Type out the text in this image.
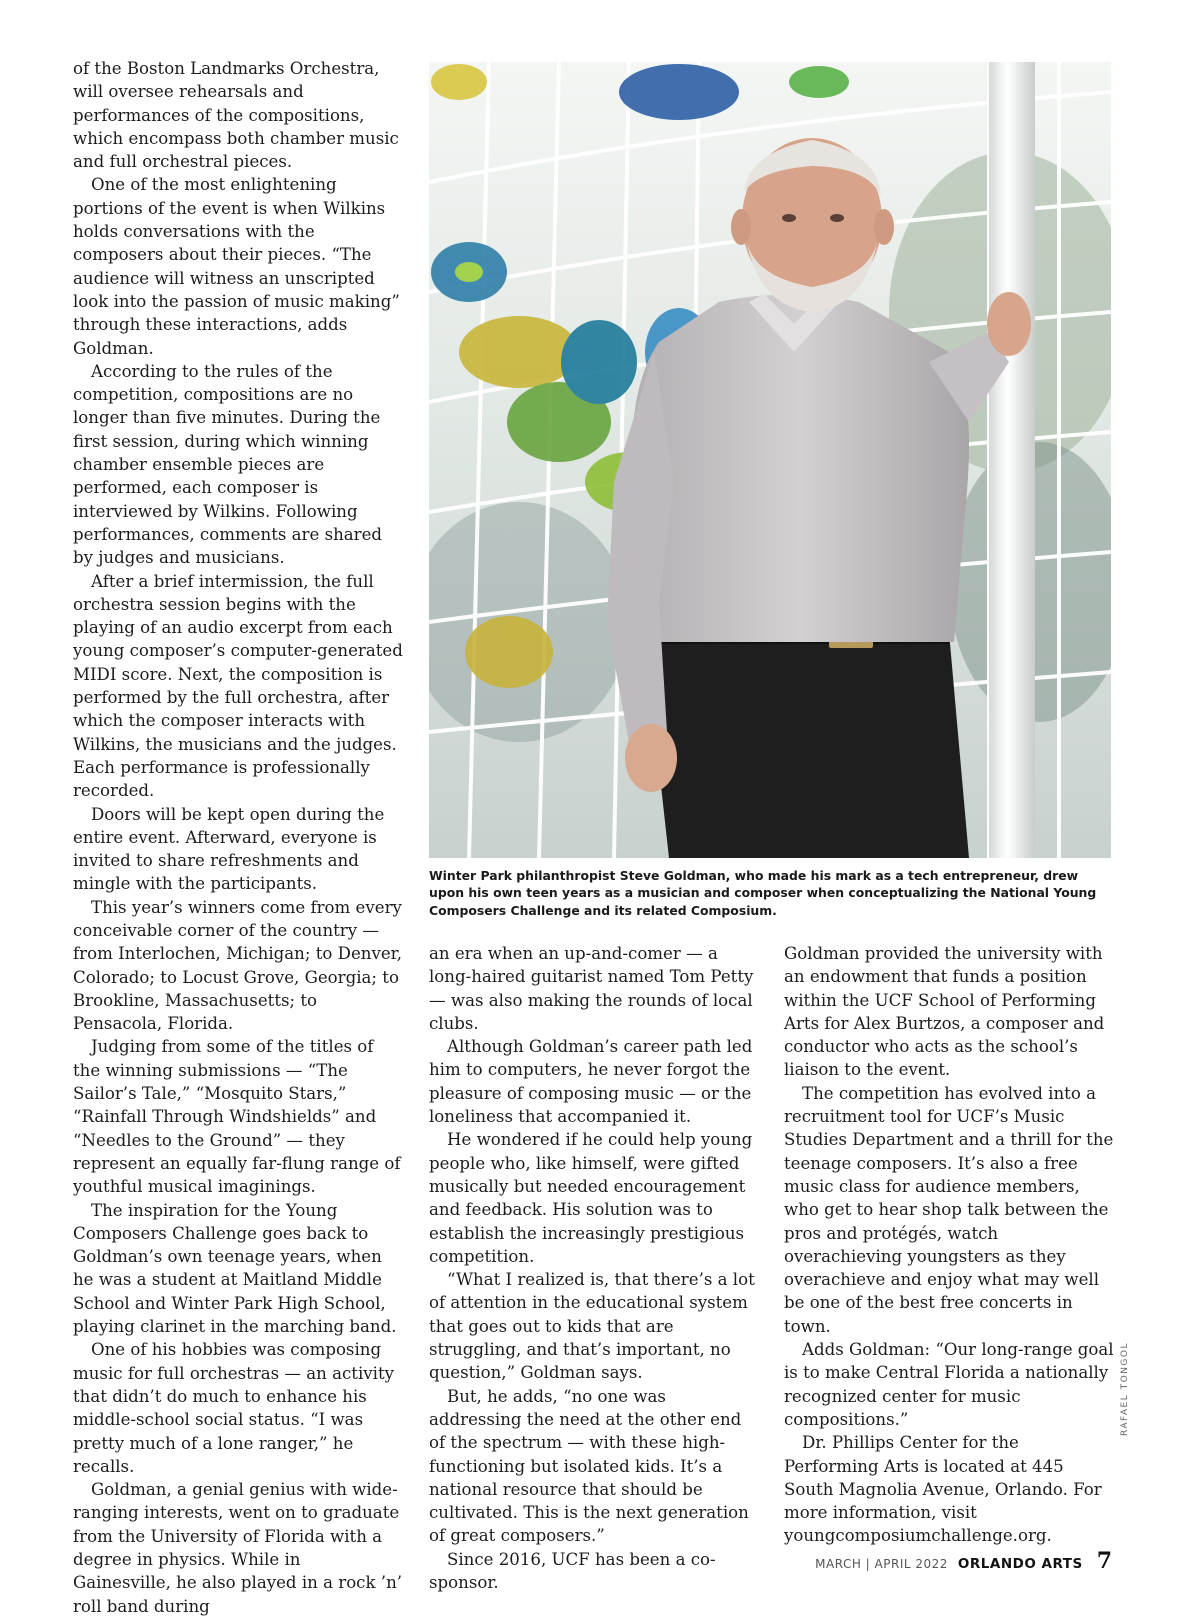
of the Boston Landmarks Orchestra, will oversee rehearsals and performances of the compositions, which encompass both chamber music and full orchestral pieces.

One of the most enlightening portions of the event is when Wilkins holds conversations with the composers about their pieces. “The audience will witness an unscripted look into the passion of music making” through these interactions, adds Goldman.

According to the rules of the competition, compositions are no longer than five minutes. During the first session, during which winning chamber ensemble pieces are performed, each composer is interviewed by Wilkins. Following performances, comments are shared by judges and musicians.

After a brief intermission, the full orchestra session begins with the playing of an audio excerpt from each young composer’s computer-generated MIDI score. Next, the composition is performed by the full orchestra, after which the composer interacts with Wilkins, the musicians and the judges. Each performance is professionally recorded.

Doors will be kept open during the entire event. Afterward, everyone is invited to share refreshments and mingle with the participants.

This year’s winners come from every conceivable corner of the country — from Interlochen, Michigan; to Denver, Colorado; to Locust Grove, Georgia; to Brookline, Massachusetts; to Pensacola, Florida.

Judging from some of the titles of the winning submissions — “The Sailor’s Tale,” “Mosquito Stars,” “Rainfall Through Windshields” and “Needles to the Ground” — they represent an equally far-flung range of youthful musical imaginings.

The inspiration for the Young Composers Challenge goes back to Goldman’s own teenage years, when he was a student at Maitland Middle School and Winter Park High School, playing clarinet in the marching band.

One of his hobbies was composing music for full orchestras — an activity that didn’t do much to enhance his middle-school social status. “I was pretty much of a lone ranger,” he recalls.

Goldman, a genial genius with wide-ranging interests, went on to graduate from the University of Florida with a degree in physics. While in Gainesville, he also played in a rock ’n’ roll band during

Winter Park philanthropist Steve Goldman, who made his mark as a tech entrepreneur, drew upon his own teen years as a musician and composer when conceptualizing the National Young Composers Challenge and its related Composium.

RAFAEL TONGOL

an era when an up-and-comer — a long-haired guitarist named Tom Petty — was also making the rounds of local clubs.

Although Goldman’s career path led him to computers, he never forgot the pleasure of composing music — or the loneliness that accompanied it.

He wondered if he could help young people who, like himself, were gifted musically but needed encouragement and feedback. His solution was to establish the increasingly prestigious competition.

“What I realized is, that there’s a lot of attention in the educational system that goes out to kids that are struggling, and that’s important, no question,” Goldman says.

But, he adds, “no one was addressing the need at the other end of the spectrum — with these high-functioning but isolated kids. It’s a national resource that should be cultivated. This is the next generation of great composers.”

Since 2016, UCF has been a co-sponsor.

Goldman provided the university with an endowment that funds a position within the UCF School of Performing Arts for Alex Burtzos, a composer and conductor who acts as the school’s liaison to the event.

The competition has evolved into a recruitment tool for UCF’s Music Studies Department and a thrill for the teenage composers. It’s also a free music class for audience members, who get to hear shop talk between the pros and protégés, watch overachieving youngsters as they overachieve and enjoy what may well be one of the best free concerts in town.

Adds Goldman: “Our long-range goal is to make Central Florida a nationally recognized center for music compositions.”

Dr. Phillips Center for the Performing Arts is located at 445 South Magnolia Avenue, Orlando. For more information, visit youngcomposiumchallenge.org.

MARCH | APRIL 2022 ORLANDO ARTS 7
